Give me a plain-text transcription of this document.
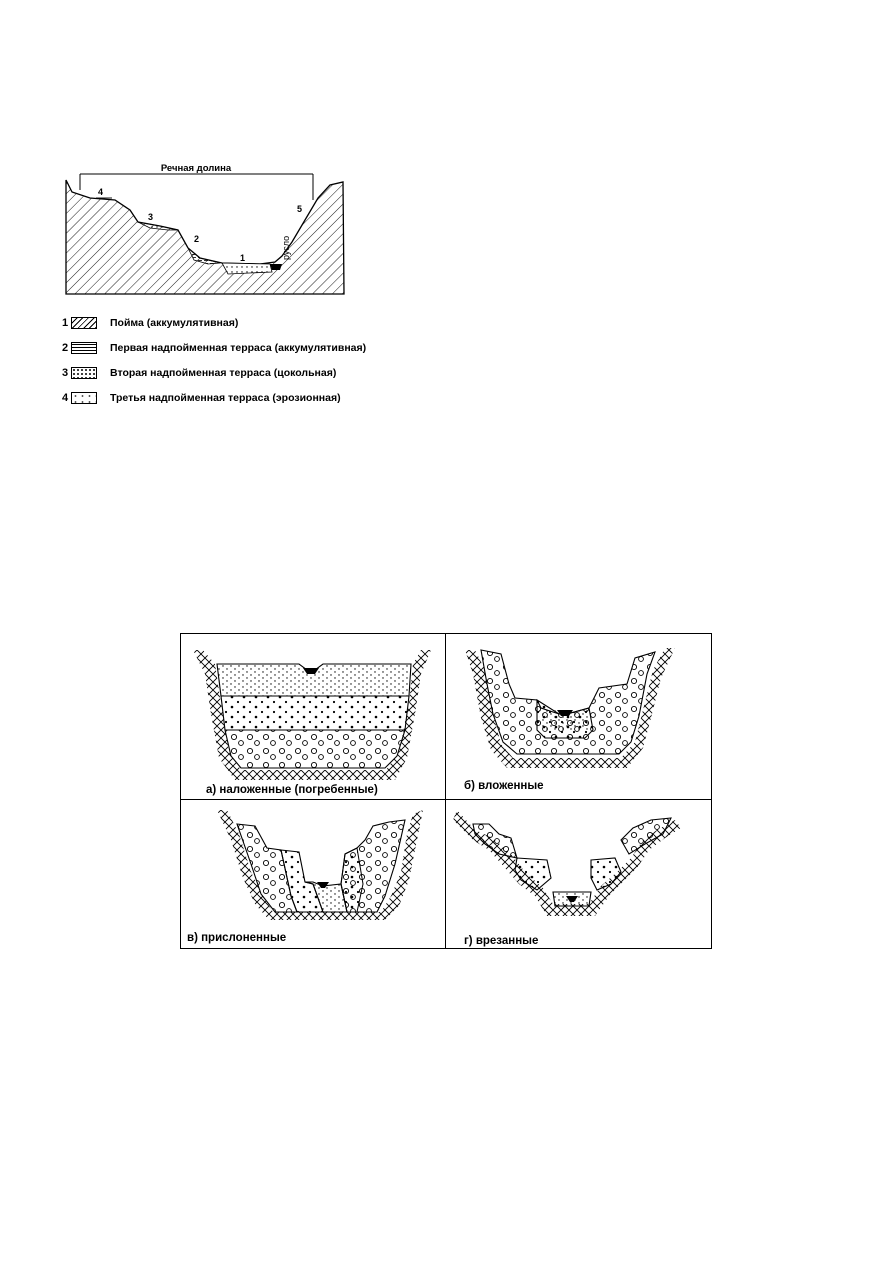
Речная долина
4
3
2
1
5
русло
1	Пойма (аккумулятивная)
2	Первая надпойменная терраса (аккумулятивная)
3	Вторая надпойменная терраса (цокольная)
4	Третья надпойменная терраса (эрозионная)
а) наложенные (погребенные)	б) вложенные
в) прислоненные	г) врезанные
